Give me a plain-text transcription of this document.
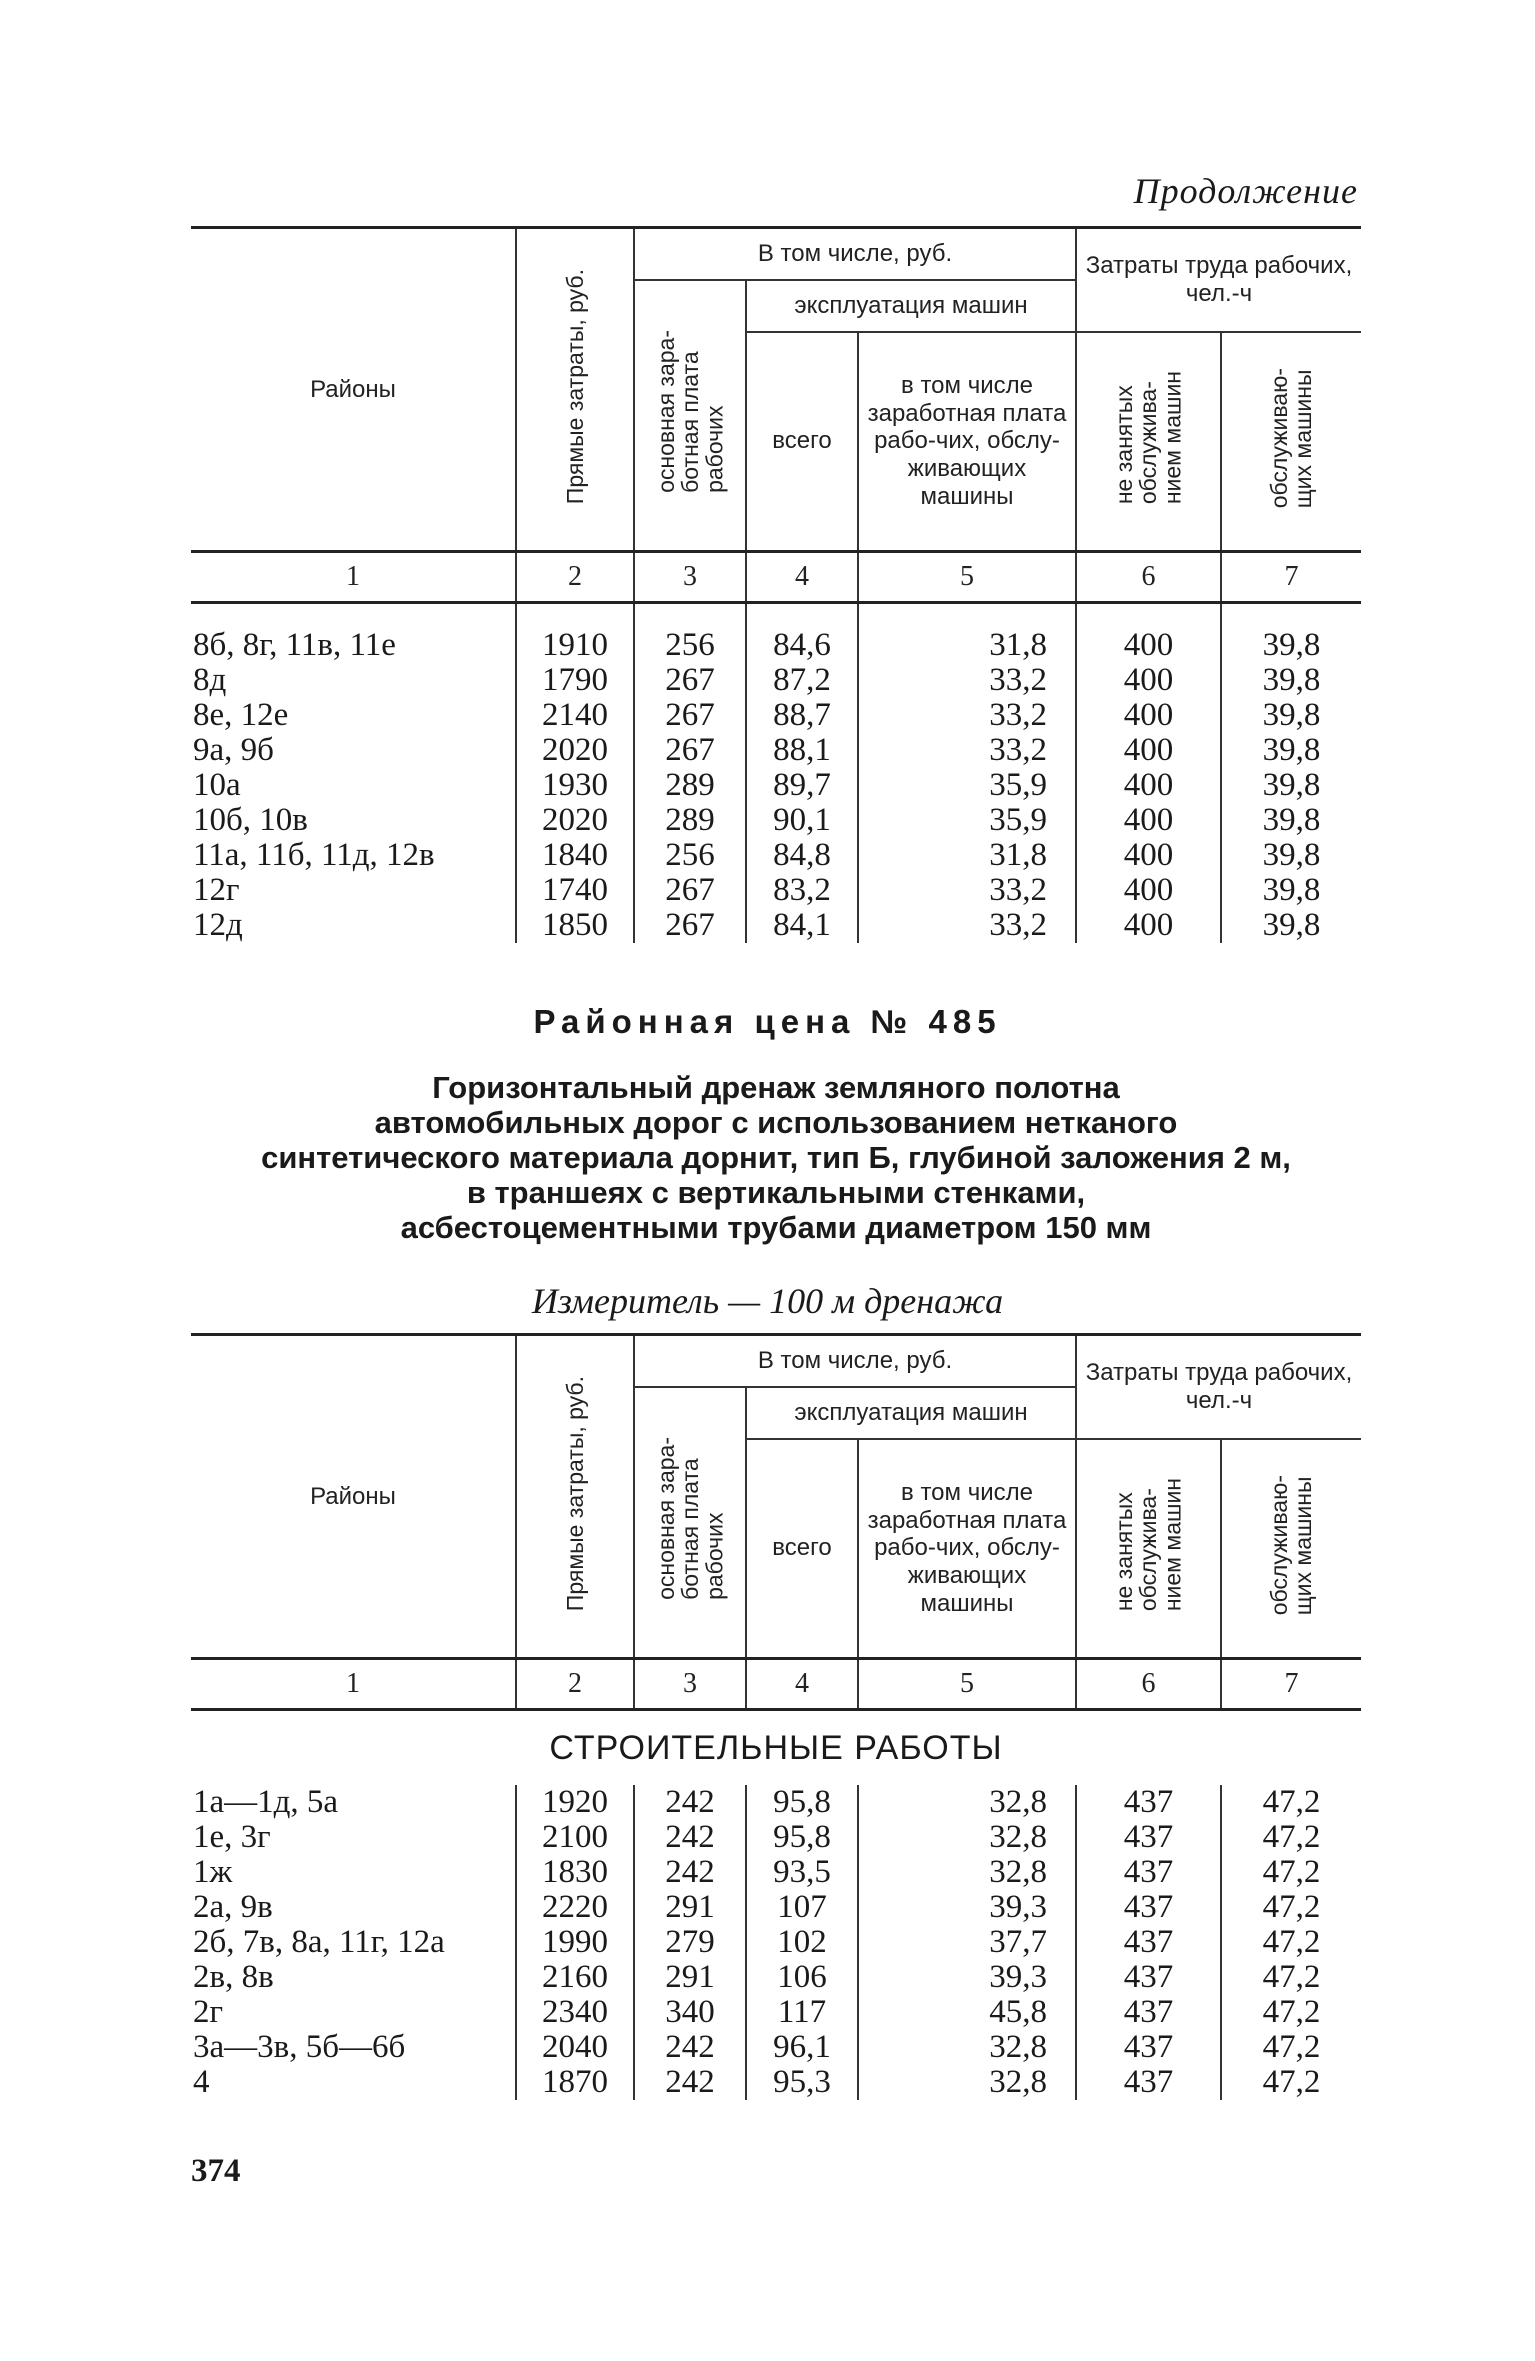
Продолжение
Районы	Прямые затраты, руб.	В том числе, руб.			Затраты труда рабочих, чел.-ч	
		основная зара-
ботная плата
рабочих	эксплуатация машин			
			всего	в том числе заработная плата рабо-чих, обслу-живающих машины	не занятых
обслужива-
нием машин	обслуживаю-
щих машины
1	2	3	4	5	6	7

8б, 8г, 11в, 11е	1910	256	84,6	31,8	400	39,8
8д	1790	267	87,2	33,2	400	39,8
8е, 12е	2140	267	88,7	33,2	400	39,8
9а, 9б	2020	267	88,1	33,2	400	39,8
10а	1930	289	89,7	35,9	400	39,8
10б, 10в	2020	289	90,1	35,9	400	39,8
11а, 11б, 11д, 12в	1840	256	84,8	31,8	400	39,8
12г	1740	267	83,2	33,2	400	39,8
12д	1850	267	84,1	33,2	400	39,8
Районная цена № 485

Горизонтальный дренаж земляного полотна
автомобильных дорог с использованием нетканого
синтетического материала дорнит, тип Б, глубиной заложения 2 м,
в траншеях с вертикальными стенками,
асбестоцементными трубами диаметром 150 мм

Измеритель — 100 м дренажа
Районы	Прямые затраты, руб.	В том числе, руб.			Затраты труда рабочих, чел.-ч	
		основная зара-
ботная плата
рабочих	эксплуатация машин			
			всего	в том числе заработная плата рабо-чих, обслу-живающих машины	не занятых
обслужива-
нием машин	обслуживаю-
щих машины
1	2	3	4	5	6	7
СТРОИТЕЛЬНЫЕ РАБОТЫ						
1а—1д, 5а	1920	242	95,8	32,8	437	47,2
1е, 3г	2100	242	95,8	32,8	437	47,2
1ж	1830	242	93,5	32,8	437	47,2
2а, 9в	2220	291	107	39,3	437	47,2
2б, 7в, 8а, 11г, 12а	1990	279	102	37,7	437	47,2
2в, 8в	2160	291	106	39,3	437	47,2
2г	2340	340	117	45,8	437	47,2
3а—3в, 5б—6б	2040	242	96,1	32,8	437	47,2
4	1870	242	95,3	32,8	437	47,2
374
